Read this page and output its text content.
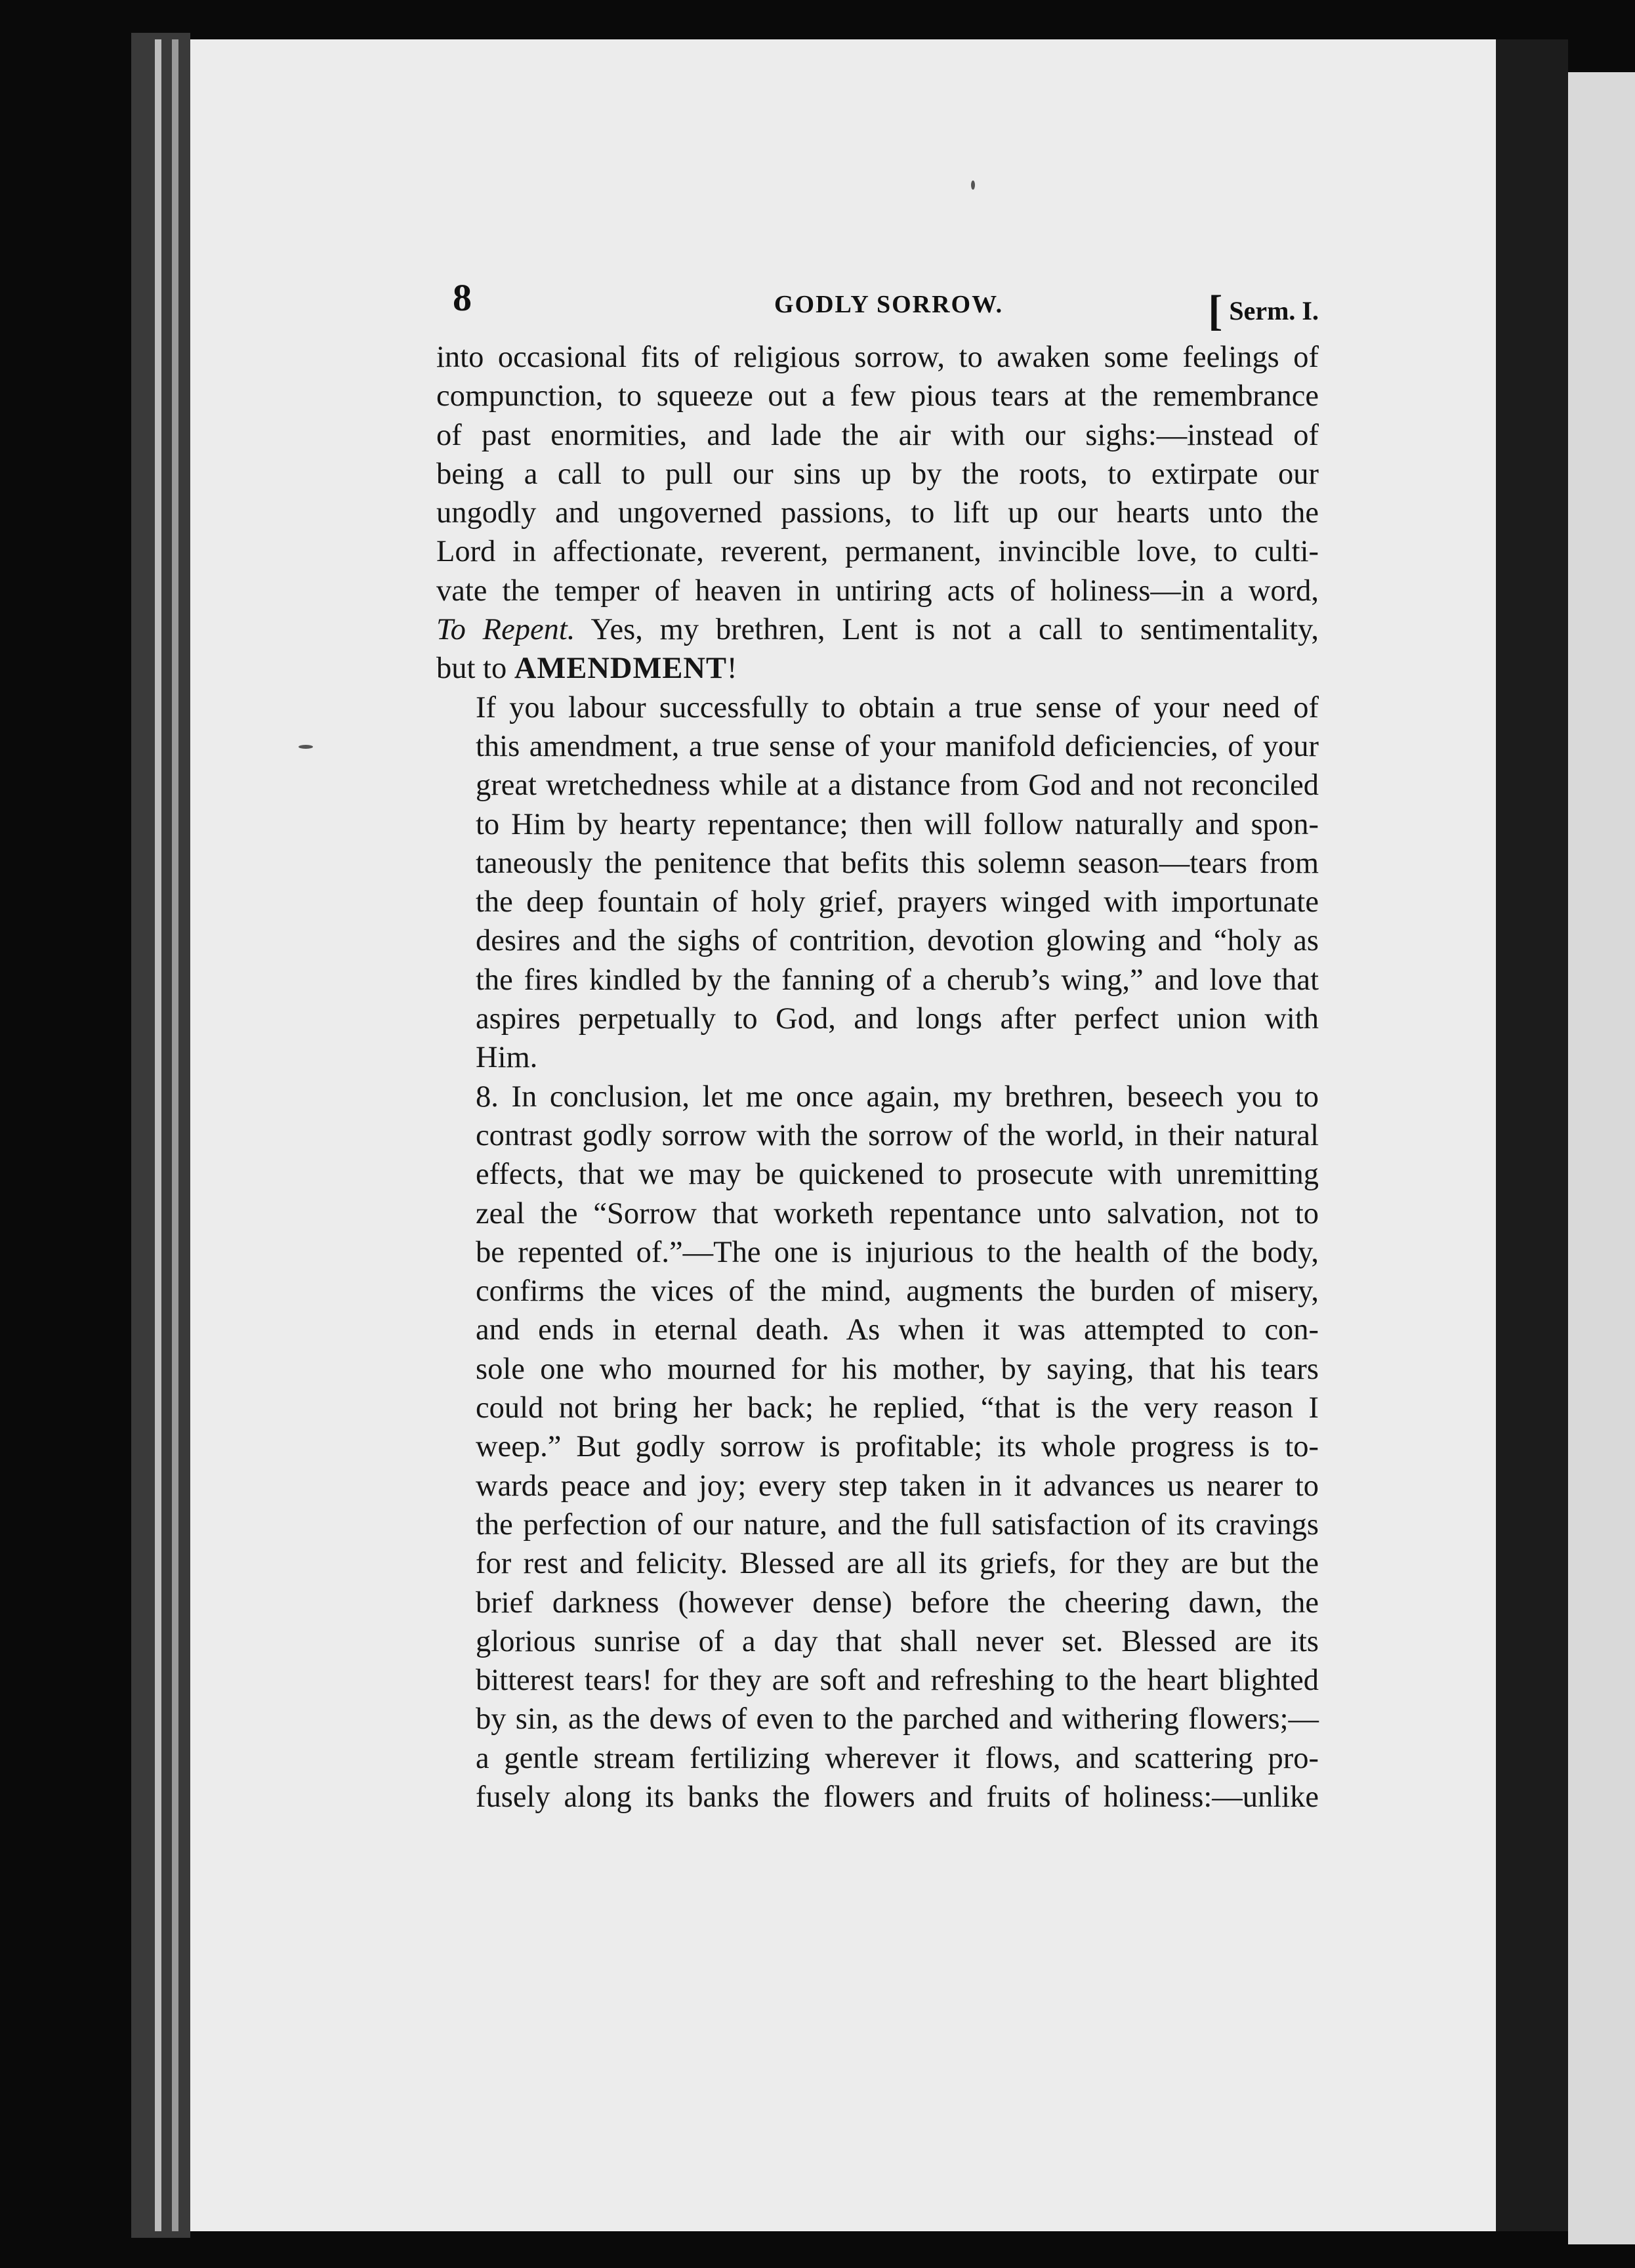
8	GODLY SORROW.	[ Serm. I.

into occasional fits of religious sorrow, to awaken some feelings of
compunction, to squeeze out a few pious tears at the remembrance
of past enormities, and lade the air with our sighs:—instead of
being a call to pull our sins up by the roots, to extirpate our
ungodly and ungoverned passions, to lift up our hearts unto the
Lord in affectionate, reverent, permanent, invincible love, to culti-
vate the temper of heaven in untiring acts of holiness—in a word,
To Repent. Yes, my brethren, Lent is not a call to sentimentality,
but to AMENDMENT!

If you labour successfully to obtain a true sense of your need of
this amendment, a true sense of your manifold deficiencies, of your
great wretchedness while at a distance from God and not reconciled
to Him by hearty repentance; then will follow naturally and spon-
taneously the penitence that befits this solemn season—tears from
the deep fountain of holy grief, prayers winged with importunate
desires and the sighs of contrition, devotion glowing and “holy as
the fires kindled by the fanning of a cherub’s wing,” and love that
aspires perpetually to God, and longs after perfect union with
Him.

8. In conclusion, let me once again, my brethren, beseech you to
contrast godly sorrow with the sorrow of the world, in their natural
effects, that we may be quickened to prosecute with unremitting
zeal the “Sorrow that worketh repentance unto salvation, not to
be repented of.”—The one is injurious to the health of the body,
confirms the vices of the mind, augments the burden of misery,
and ends in eternal death. As when it was attempted to con-
sole one who mourned for his mother, by saying, that his tears
could not bring her back; he replied, “that is the very reason I
weep.” But godly sorrow is profitable; its whole progress is to-
wards peace and joy; every step taken in it advances us nearer to
the perfection of our nature, and the full satisfaction of its cravings
for rest and felicity. Blessed are all its griefs, for they are but the
brief darkness (however dense) before the cheering dawn, the
glorious sunrise of a day that shall never set. Blessed are its
bitterest tears! for they are soft and refreshing to the heart blighted
by sin, as the dews of even to the parched and withering flowers;—
a gentle stream fertilizing wherever it flows, and scattering pro-
fusely along its banks the flowers and fruits of holiness:—unlike
